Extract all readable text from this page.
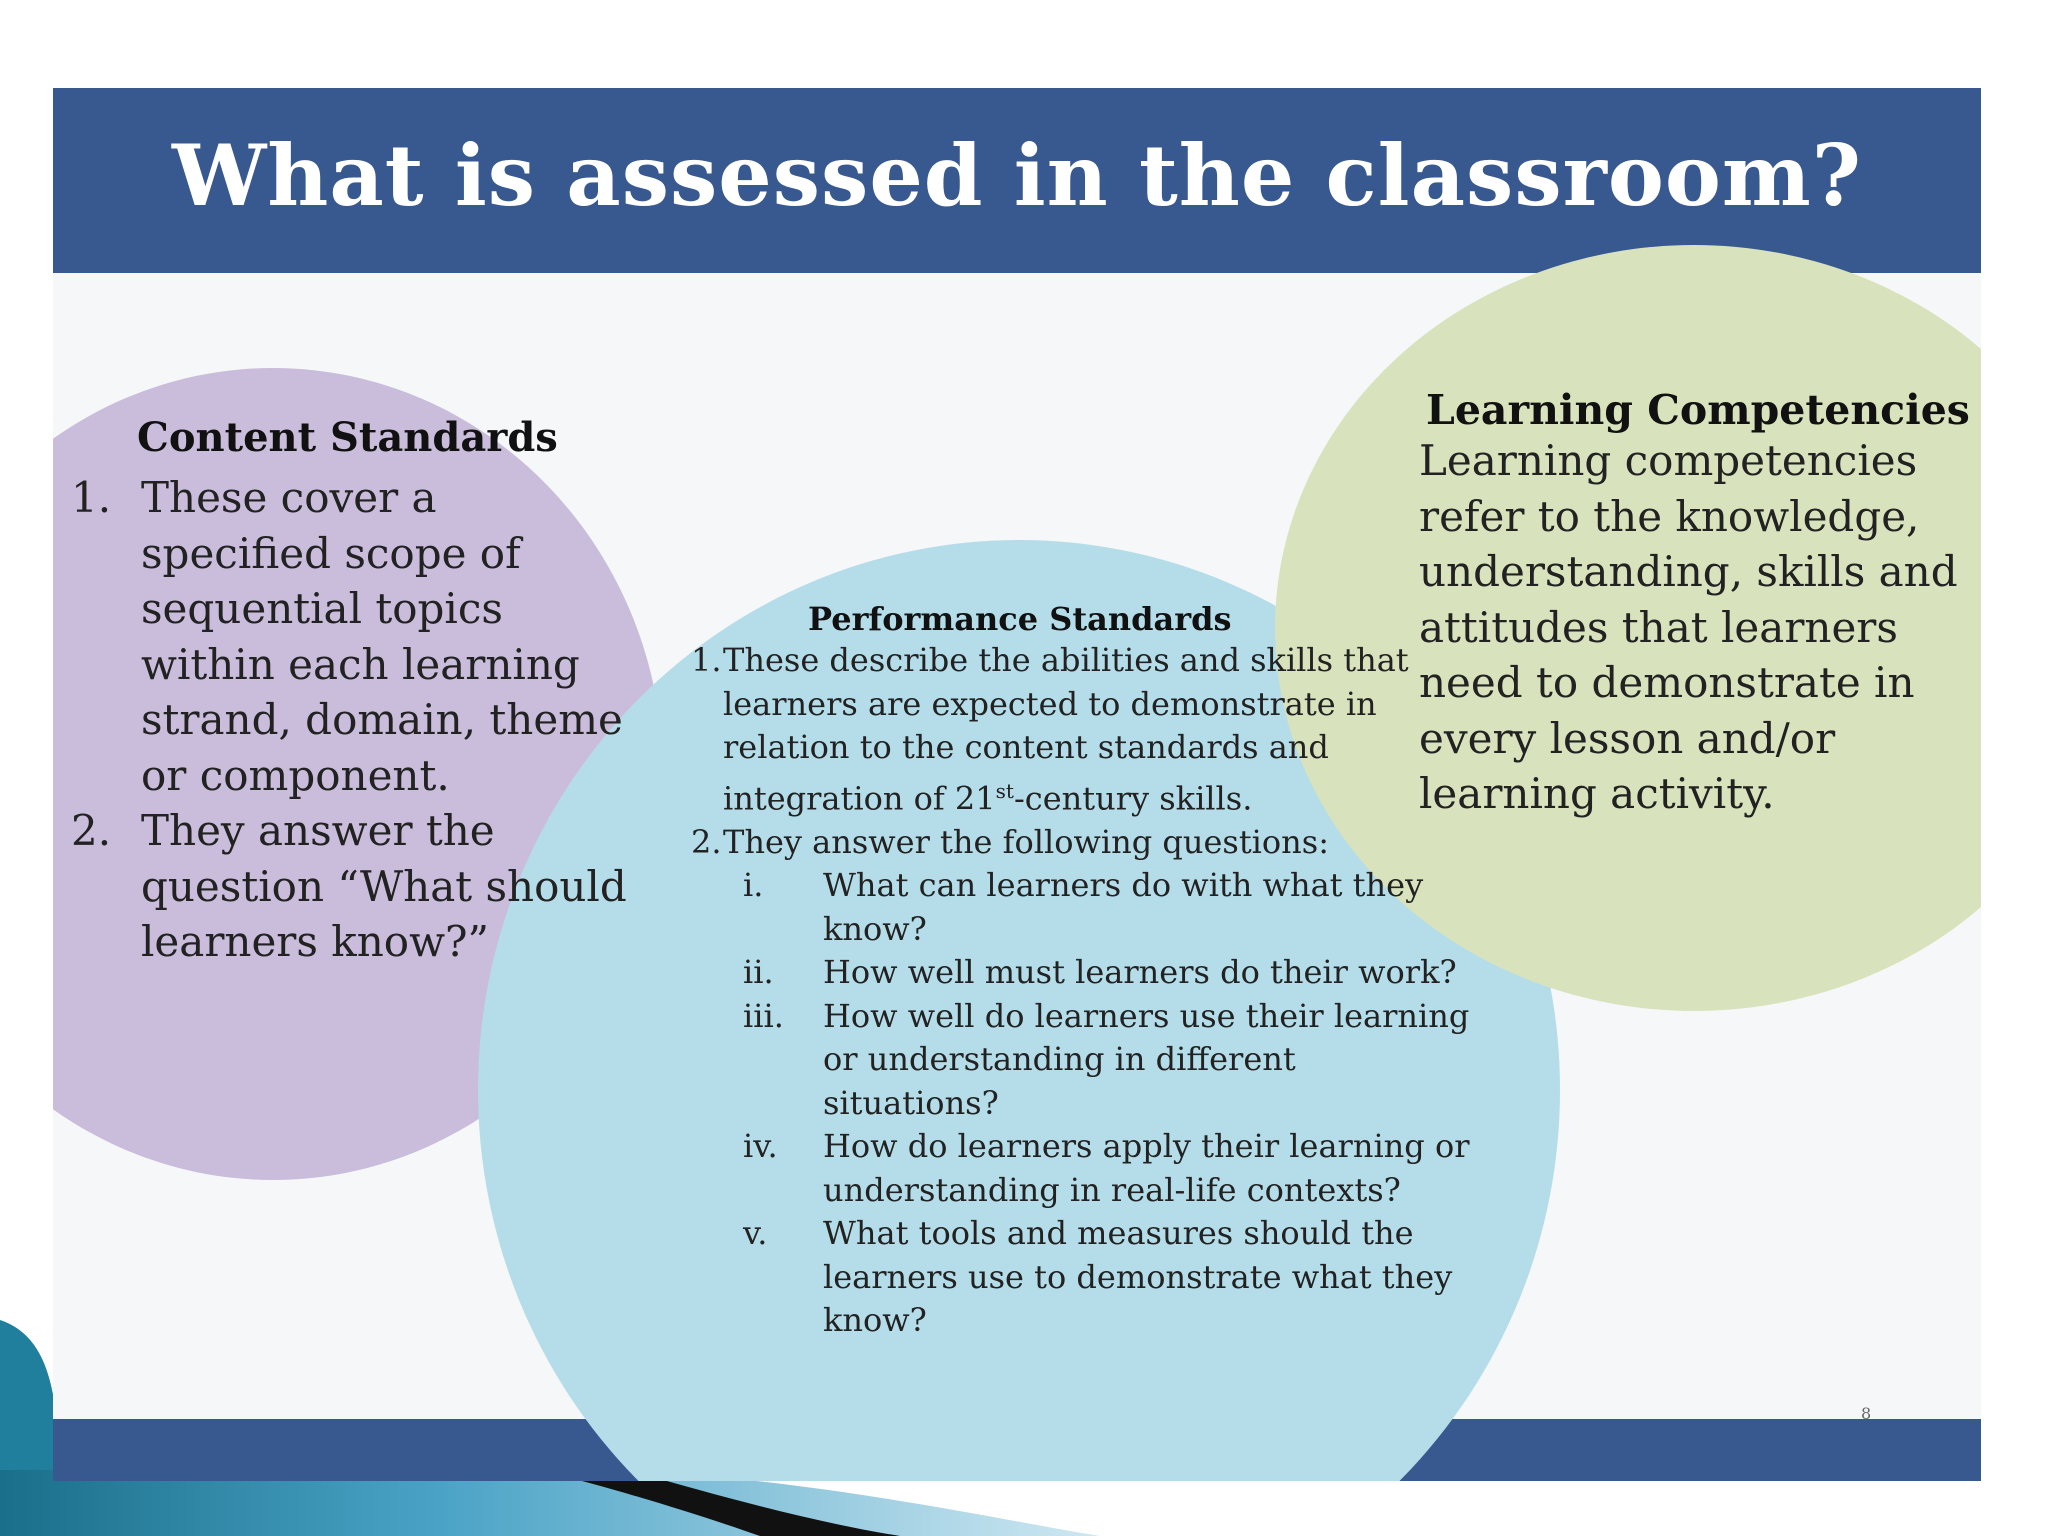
What is assessed in the classroom?
Content Standards
1. These cover a specified scope of sequential topics within each learning strand, domain, theme or component.
2. They answer the question “What should learners know?”
Performance Standards
1. These describe the abilities and skills that learners are expected to demonstrate in relation to the content standards and integration of 21st-century skills.
2. They answer the following questions:
i. What can learners do with what they know?
ii. How well must learners do their work?
iii. How well do learners use their learning or understanding in different situations?
iv. How do learners apply their learning or understanding in real-life contexts?
v. What tools and measures should the learners use to demonstrate what they know?
Learning Competencies
Learning competencies refer to the knowledge, understanding, skills and attitudes that learners need to demonstrate in every lesson and/or learning activity.
8
